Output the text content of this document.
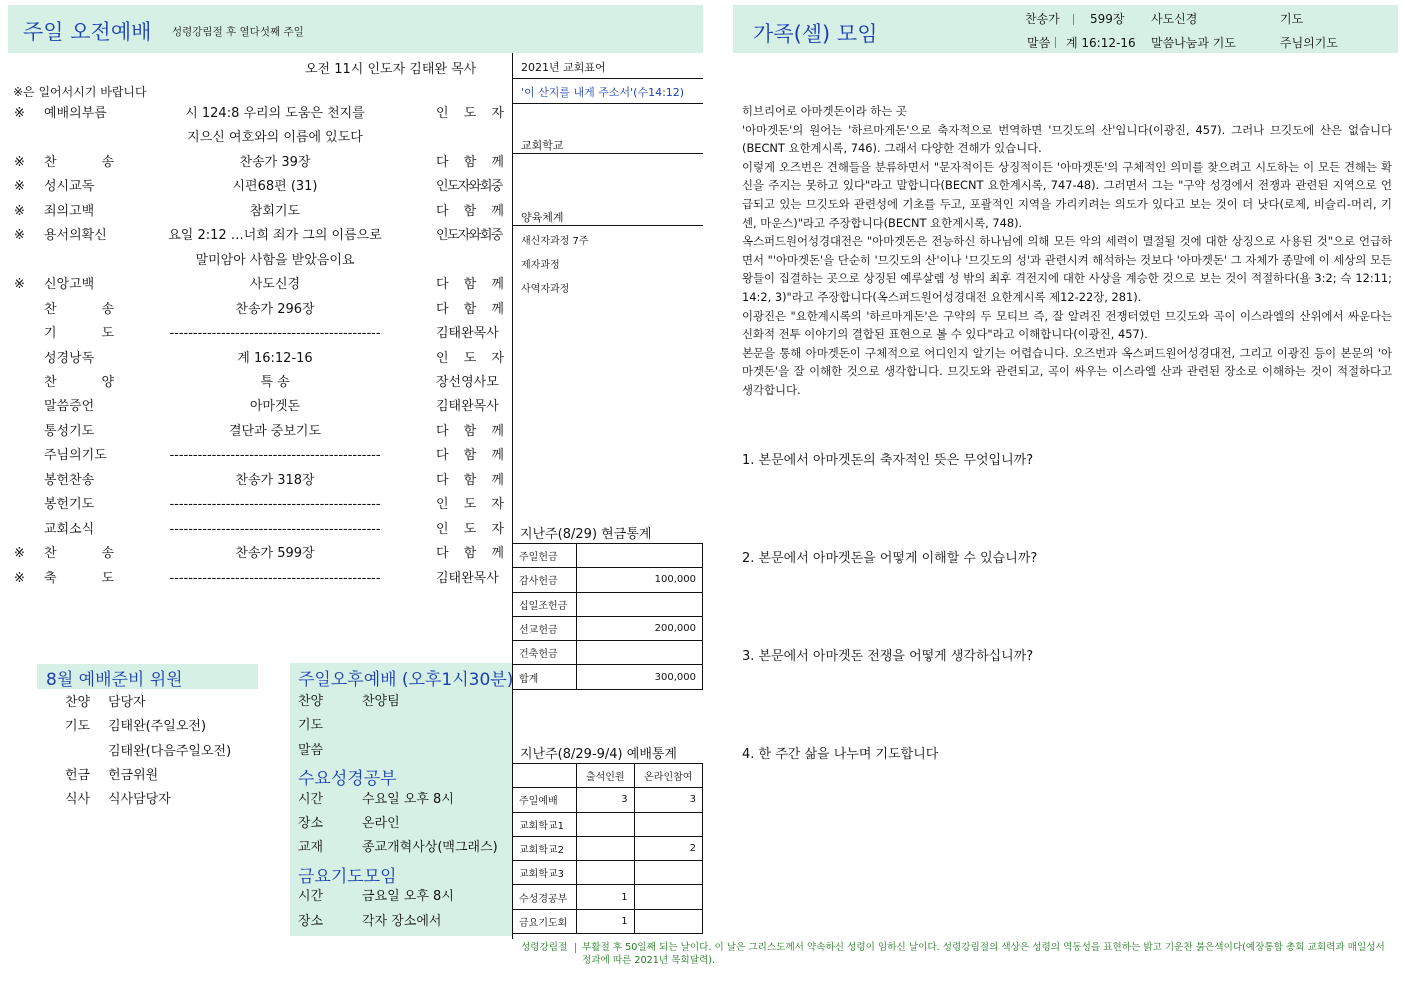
주일 오전예배 성령강림절 후 열다섯째 주일	가족(셀) 모임
찬송가	599장 사도신경	기도
말씀 계 16:12-16 말씀나눔과 기도	주님의기도
오전 11시 인도자 김태완 목사
※은 일어서시기 바랍니다
※ 예배의부름	시 124:8 우리의 도움은 천지를	인 도 자
지으신 여호와의 이름에 있도다
※ 찬 송	찬송가 39장	다 함 께
※ 성시교독	시편68편 (31)	인도자와회중
※ 죄의고백	참회기도	다 함 께
※ 용서의확신	요일 2:12 …너희 죄가 그의 이름으로	인도자와회중
말미암아 사함을 받았음이요
※ 신앙고백	사도신경	다 함 께
찬 송	찬송가 296장	다 함 께
기 도	---------------------------------------------	김태완목사
성경낭독	계 16:12-16	인 도 자
찬 양	특 송	장선영사모
말씀증언	아마겟돈	김태완목사
통성기도	결단과 중보기도	다 함 께
주님의기도	---------------------------------------------	다 함 께
봉헌찬송	찬송가 318장	다 함 께
봉헌기도	---------------------------------------------	인 도 자
교회소식	---------------------------------------------	인 도 자
※ 찬 송	찬송가 599장	다 함 께
※ 축 도	---------------------------------------------	김태완목사
2021년 교회표어
'이 산지를 내게 주소서'(수14:12)
교회학교
양육체계
새신자과정 7주
제자과정
사역자과정
지난주(8/29) 현금통계
주일헌금	
감사헌금	100,000
십일조헌금	
선교헌금	200,000
건축헌금	
합계	300,000
지난주(8/29-9/4) 예배통계
	출석인원	온라인참여
주일예배	3	3
교회학교1		
교회학교2		2
교회학교3		
수성경공부	1	
금요기도회	1	
8월 예배준비 위원
찬양 담당자
기도 김태완(주일오전)
김태완(다음주일오전)
헌금 헌금위원
식사 식사담당자
주일오후예배 (오후1시30분)
찬양	찬양팀
기도
말씀
수요성경공부
시간	수요일 오후 8시
장소	온라인
교재	종교개혁사상(맥그래스)
금요기도모임
시간	금요일 오후 8시
장소	각자 장소에서
히브리어로 아마겟돈이라 하는 곳
'아마겟돈'의 원어는 '하르마게돈'으로 축자적으로 번역하면 '므깃도의 산'입니다(이광진, 457). 그러나 므깃도에 산은 없습니다(BECNT 요한계시록, 746). 그래서 다양한 견해가 있습니다.
이렇게 오즈번은 견해들을 분류하면서 "문자적이든 상징적이든 '아마겟돈'의 구체적인 의미를 찾으려고 시도하는 이 모든 견해는 확신을 주지는 못하고 있다"라고 말합니다(BECNT 요한계시록, 747-48). 그러면서 그는 "구약 성경에서 전쟁과 관련된 지역으로 언급되고 있는 므깃도와 관련성에 기초를 두고, 포괄적인 지역을 가리키려는 의도가 있다고 보는 것이 더 낫다(로제, 비슬리-머리, 기센, 마운스)"라고 주장합니다(BECNT 요한계시록, 748).
옥스퍼드원어성경대전은 "아마겟돈은 전능하신 하나님에 의해 모든 악의 세력이 멸절될 것에 대한 상징으로 사용된 것"으로 언급하면서 "'아마겟돈'을 단순히 '므깃도의 산'이나 '므깃도의 성'과 관련시켜 해석하는 것보다 '아마겟돈' 그 자체가 종말에 이 세상의 모든 왕들이 집결하는 곳으로 상징된 예루살렘 성 밖의 최후 격전지에 대한 사상을 계승한 것으로 보는 것이 적절하다(욜 3:2; 슥 12:11; 14:2, 3)"라고 주장합니다(옥스퍼드원어성경대전 요한계시록 제12-22장, 281).
이광진은 "요한계시록의 '하르마게돈'은 구약의 두 모티브 즉, 잘 알려진 전쟁터였던 므깃도와 곡이 이스라엘의 산위에서 싸운다는 신화적 전투 이야기의 결합된 표현으로 볼 수 있다"라고 이해합니다(이광진, 457).
본문을 통해 아마겟돈이 구체적으로 어디인지 알기는 어렵습니다. 오즈번과 옥스퍼드원어성경대전, 그리고 이광진 등이 본문의 '아마겟돈'을 잘 이해한 것으로 생각합니다. 므깃도와 관련되고, 곡이 싸우는 이스라엘 산과 관련된 장소로 이해하는 것이 적절하다고 생각합니다.
1. 본문에서 아마겟돈의 축자적인 뜻은 무엇입니까?
2. 본문에서 아마겟돈을 어떻게 이해할 수 있습니까?
3. 본문에서 아마겟돈 전쟁을 어떻게 생각하십니까?
4. 한 주간 삶을 나누며 기도합니다
성령강림절 부활절 후 50일째 되는 날이다. 이 날은 그리스도께서 약속하신 성령이 임하신 날이다. 성령강림절의 색상은 성령의 역동성을 표현하는 밝고 기운찬 붉은색이다(예장통합 총회 교회력과 매일성서정과에 따른 2021년 목회달력).
